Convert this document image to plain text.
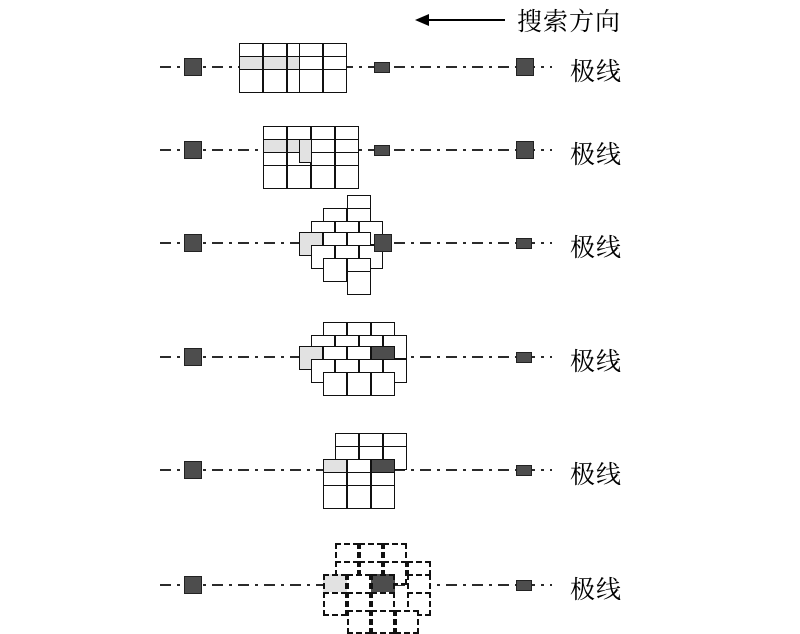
搜索方向
极线
极线
极线
极线
极线
极线
